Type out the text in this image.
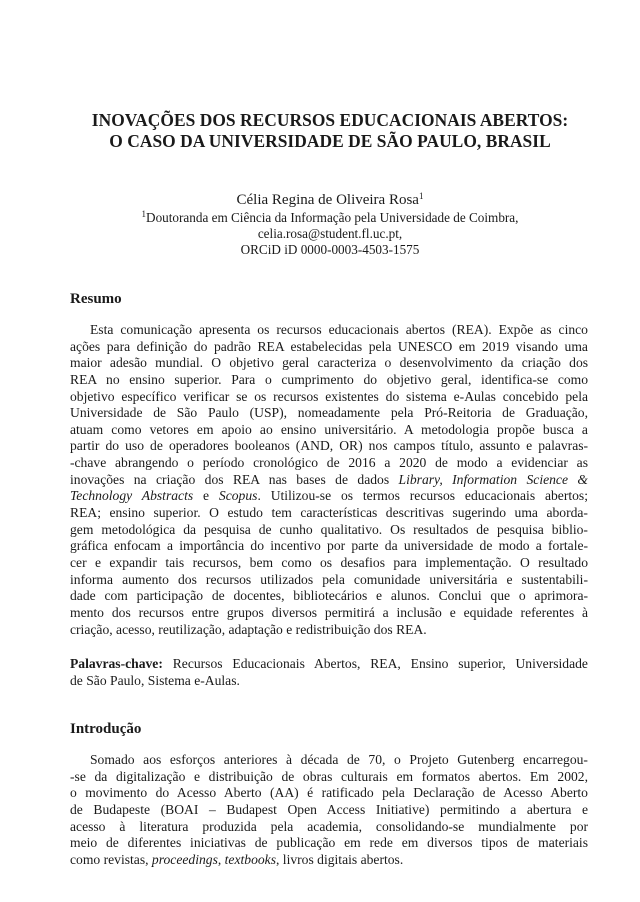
INOVAÇÕES DOS RECURSOS EDUCACIONAIS ABERTOS:
O CASO DA UNIVERSIDADE DE SÃO PAULO, BRASIL
Célia Regina de Oliveira Rosa$^1$
$^1$Doutoranda em Ciência da Informação pela Universidade de Coimbra,
celia.rosa@student.fl.uc.pt,
ORCiD iD 0000-0003-4503-1575
Resumo
Esta comunicação apresenta os recursos educacionais abertos (REA). Expõe as cinco
ações para definição do padrão REA estabelecidas pela UNESCO em 2019 visando uma
maior adesão mundial. O objetivo geral caracteriza o desenvolvimento da criação dos
REA no ensino superior. Para o cumprimento do objetivo geral, identifica-se como
objetivo específico verificar se os recursos existentes do sistema e-Aulas concebido pela
Universidade de São Paulo (USP), nomeadamente pela Pró-Reitoria de Graduação,
atuam como vetores em apoio ao ensino universitário. A metodologia propõe busca a
partir do uso de operadores booleanos (AND, OR) nos campos título, assunto e palavras-
-chave abrangendo o período cronológico de 2016 a 2020 de modo a evidenciar as
inovações na criação dos REA nas bases de dados Library, Information Science &
Technology Abstracts e Scopus. Utilizou-se os termos recursos educacionais abertos;
REA; ensino superior. O estudo tem características descritivas sugerindo uma aborda-
gem metodológica da pesquisa de cunho qualitativo. Os resultados de pesquisa biblio-
gráfica enfocam a importância do incentivo por parte da universidade de modo a fortale-
cer e expandir tais recursos, bem como os desafios para implementação. O resultado
informa aumento dos recursos utilizados pela comunidade universitária e sustentabili-
dade com participação de docentes, bibliotecários e alunos. Conclui que o aprimora-
mento dos recursos entre grupos diversos permitirá a inclusão e equidade referentes à
criação, acesso, reutilização, adaptação e redistribuição dos REA.
Palavras-chave: Recursos Educacionais Abertos, REA, Ensino superior, Universidade
de São Paulo, Sistema e-Aulas.
Introdução
Somado aos esforços anteriores à década de 70, o Projeto Gutenberg encarregou-
-se da digitalização e distribuição de obras culturais em formatos abertos. Em 2002,
o movimento do Acesso Aberto (AA) é ratificado pela Declaração de Acesso Aberto
de Budapeste (BOAI – Budapest Open Access Initiative) permitindo a abertura e
acesso à literatura produzida pela academia, consolidando-se mundialmente por
meio de diferentes iniciativas de publicação em rede em diversos tipos de materiais
como revistas, proceedings, textbooks, livros digitais abertos.
